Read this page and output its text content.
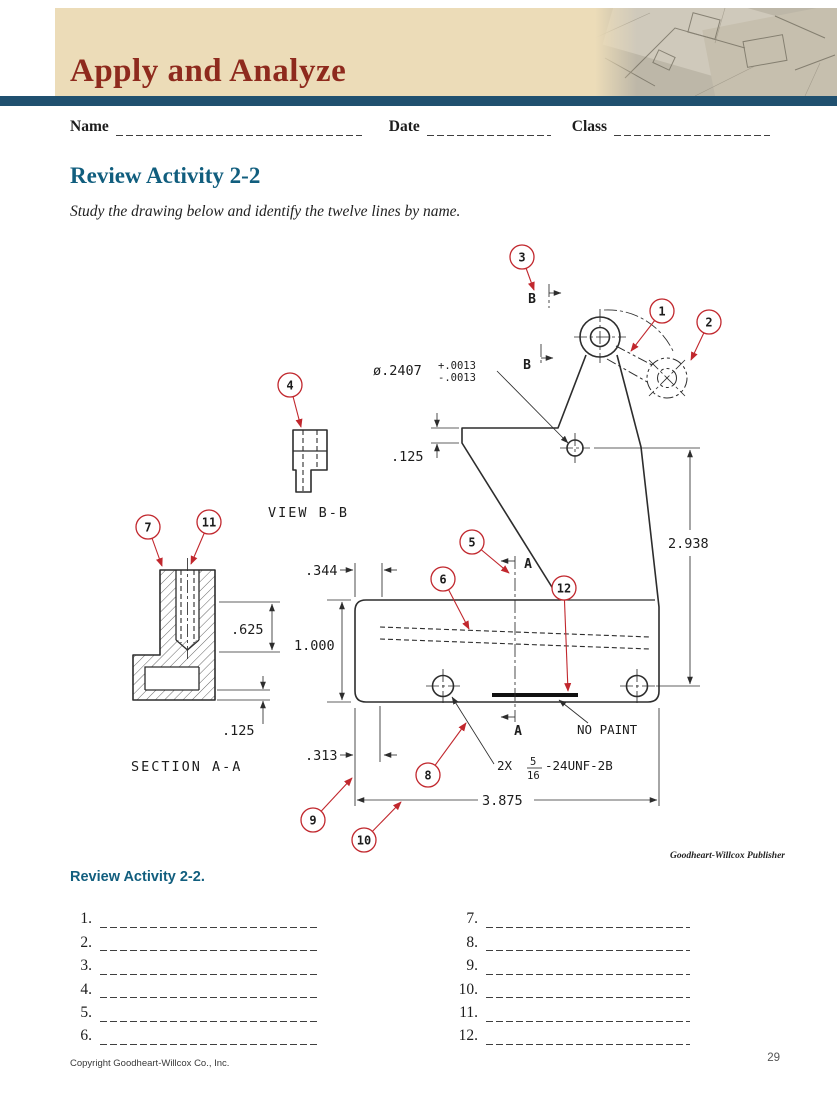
Apply and Analyze
Name	Date	Class
Review Activity 2-2
Study the drawing below and identify the twelve lines by name.
B
B
A
A
ø.2407 +.0013
-.0013
.125
2.938
.344
1.000
.313
3.875
NO PAINT
2X 5
16
-24UNF-2B
.625
.125
SECTION A-A
VIEW B-B
1
2
3
4
5
6
7
8
9
10
11
12
Goodheart-Willcox Publisher
Review Activity 2-2.
1.
2.
3.
4.
5.
6.
7.
8.
9.
10.
11.
12.
Copyright Goodheart-Willcox Co., Inc.	29
